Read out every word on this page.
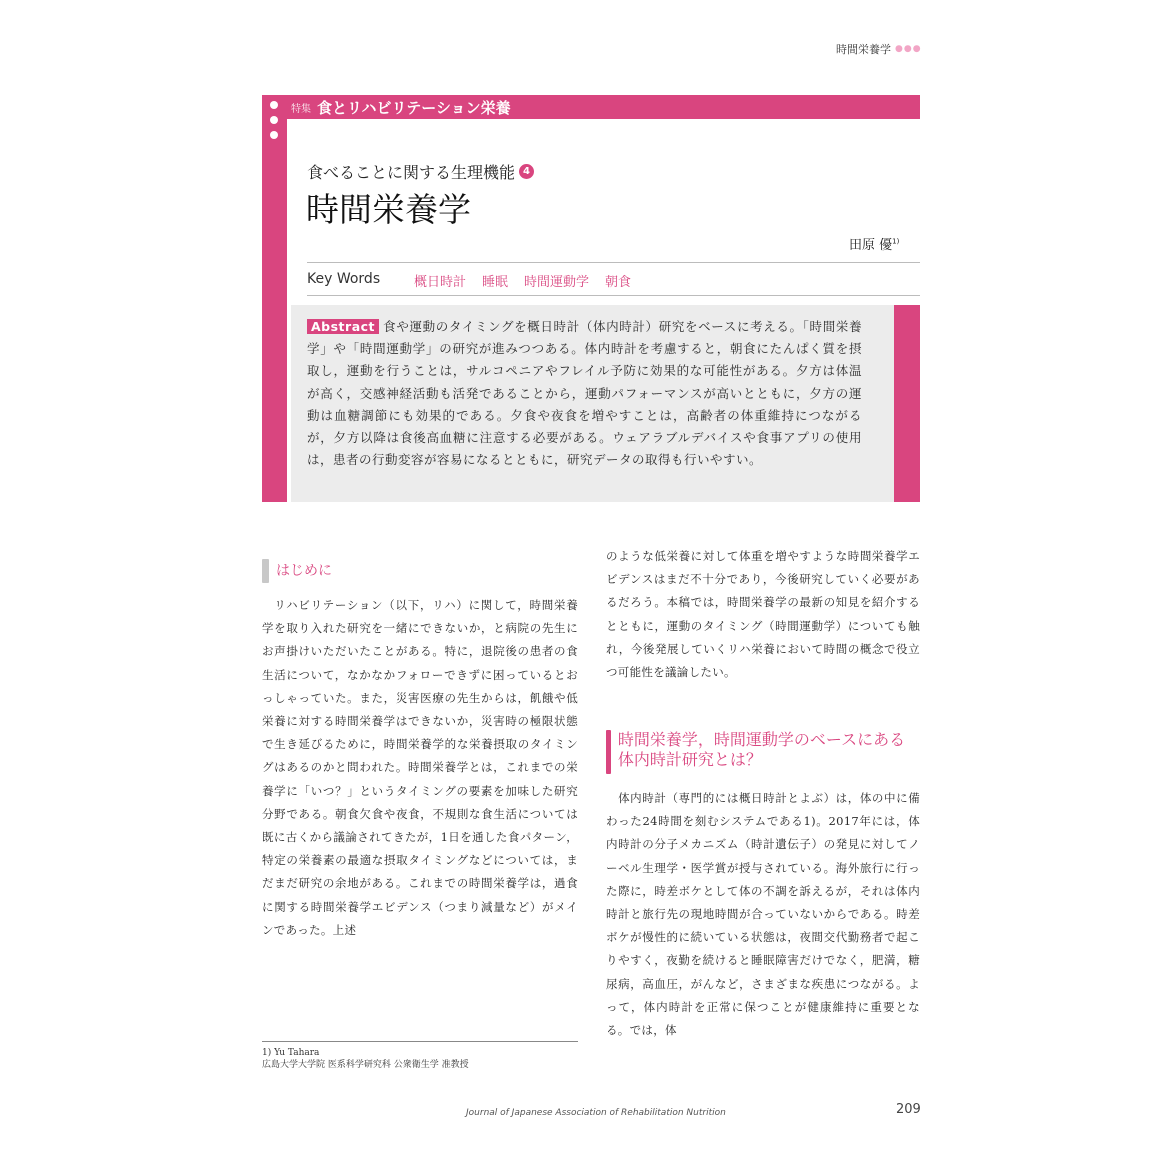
時間栄養学 ●●●
特集 食とリハビリテーション栄養
食べることに関する生理機能 4
時間栄養学
田原 優$^{1)}$
Key Words	概日時計 睡眠 時間運動学 朝食

Abstract 食や運動のタイミングを概日時計（体内時計）研究をベースに考える。「時間栄養学」や「時間運動学」の研究が進みつつある。体内時計を考慮すると，朝食にたんぱく質を摂取し，運動を行うことは，サルコペニアやフレイル予防に効果的な可能性がある。夕方は体温が高く，交感神経活動も活発であることから，運動パフォーマンスが高いとともに，夕方の運動は血糖調節にも効果的である。夕食や夜食を増やすことは，高齢者の体重維持につながるが，夕方以降は食後高血糖に注意する必要がある。ウェアラブルデバイスや食事アプリの使用は，患者の行動変容が容易になるとともに，研究データの取得も行いやすい。

はじめに

　リハビリテーション（以下，リハ）に関して，時間栄養学を取り入れた研究を一緒にできないか，と病院の先生にお声掛けいただいたことがある。特に，退院後の患者の食生活について，なかなかフォローできずに困っているとおっしゃっていた。また，災害医療の先生からは，飢餓や低栄養に対する時間栄養学はできないか，災害時の極限状態で生き延びるために，時間栄養学的な栄養摂取のタイミングはあるのかと問われた。時間栄養学とは，これまでの栄養学に「いつ？」というタイミングの要素を加味した研究分野である。朝食欠食や夜食，不規則な食生活については既に古くから議論されてきたが，1日を通した食パターン，特定の栄養素の最適な摂取タイミングなどについては，まだまだ研究の余地がある。これまでの時間栄養学は，過食に関する時間栄養学エビデンス（つまり減量など）がメインであった。上述

のような低栄養に対して体重を増やすような時間栄養学エビデンスはまだ不十分であり，今後研究していく必要があるだろう。本稿では，時間栄養学の最新の知見を紹介するとともに，運動のタイミング（時間運動学）についても触れ，今後発展していくリハ栄養において時間の概念で役立つ可能性を議論したい。

時間栄養学，時間運動学のベースにある体内時計研究とは？

　体内時計（専門的には概日時計とよぶ）は，体の中に備わった24時間を刻むシステムである1)。2017年には，体内時計の分子メカニズム（時計遺伝子）の発見に対してノーベル生理学・医学賞が授与されている。海外旅行に行った際に，時差ボケとして体の不調を訴えるが，それは体内時計と旅行先の現地時間が合っていないからである。時差ボケが慢性的に続いている状態は，夜間交代勤務者で起こりやすく，夜勤を続けると睡眠障害だけでなく，肥満，糖尿病，高血圧，がんなど，さまざまな疾患につながる。よって，体内時計を正常に保つことが健康維持に重要となる。では，体

1) Yu Tahara
広島大学大学院 医系科学研究科 公衆衛生学 准教授
Journal of Japanese Association of Rehabilitation Nutrition	209
